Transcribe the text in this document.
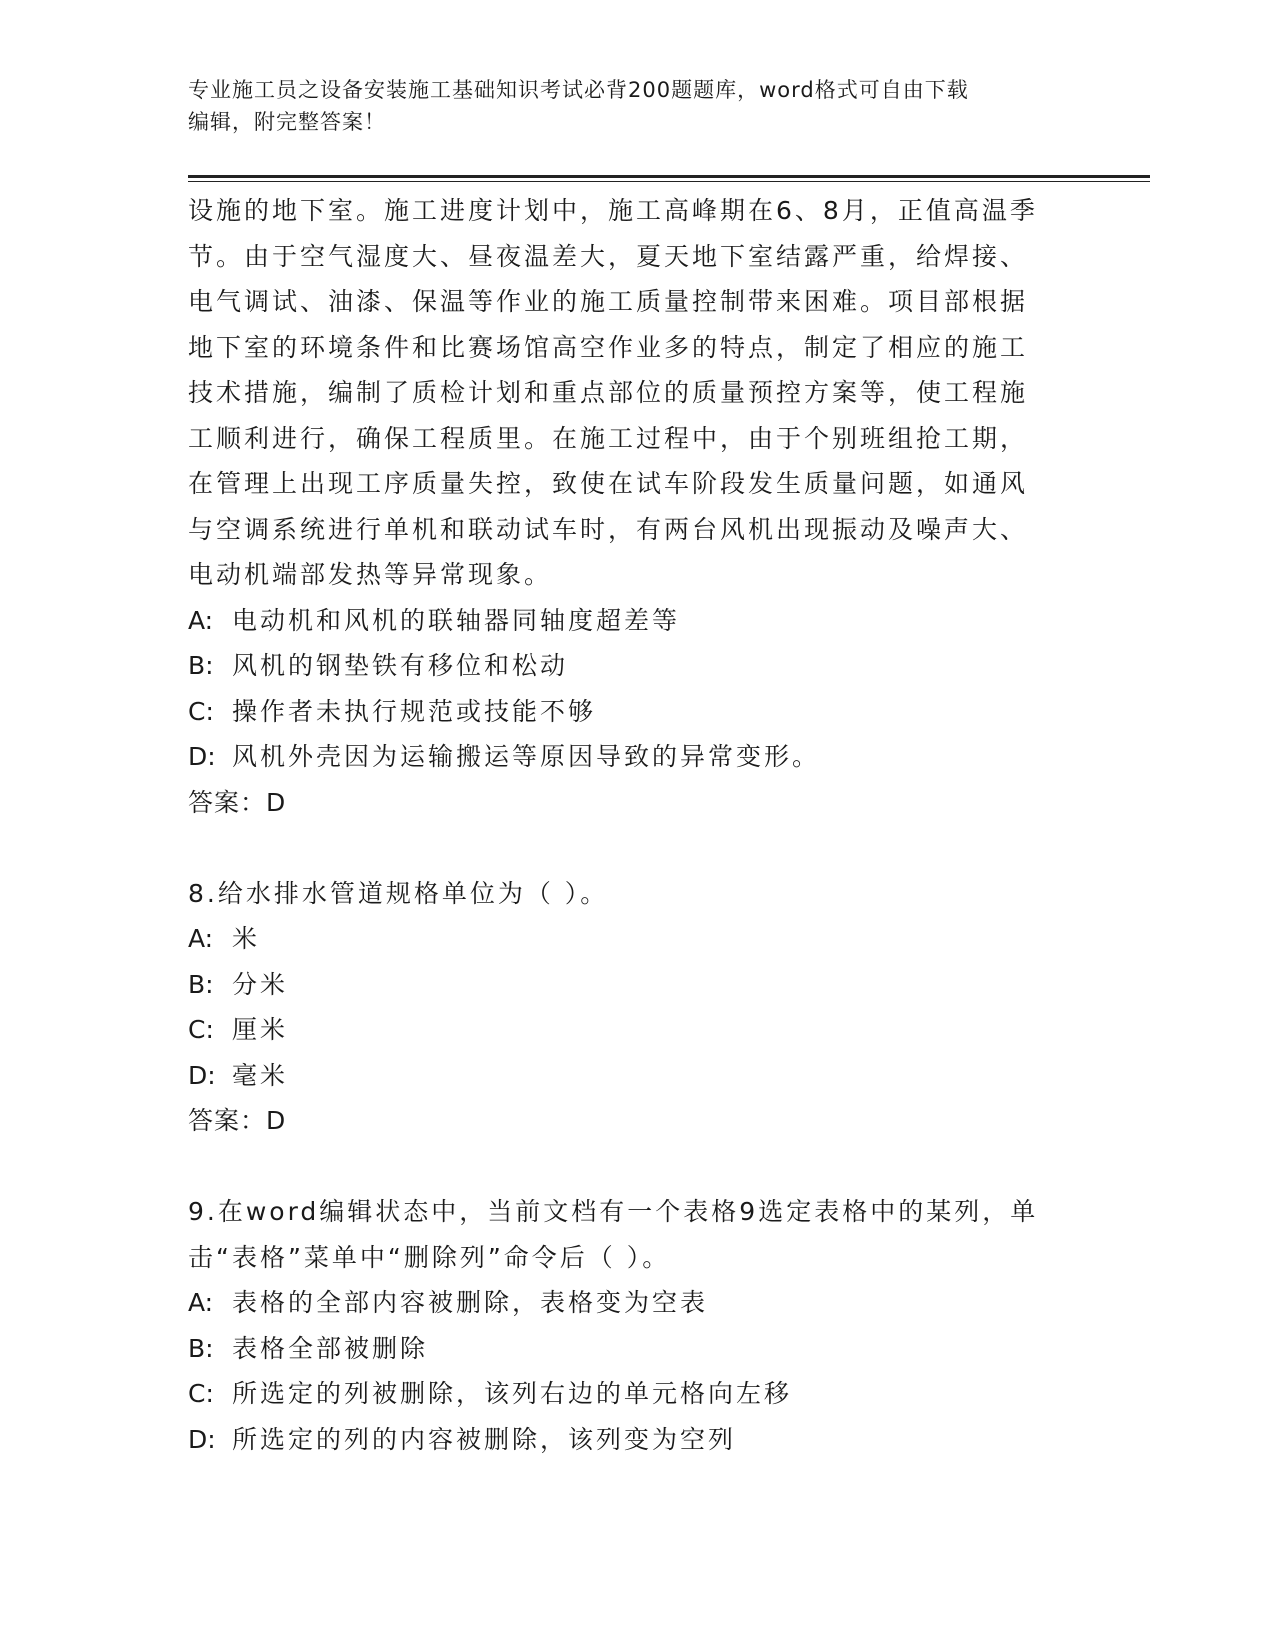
专业施工员之设备安装施工基础知识考试必背200题题库，word格式可自由下载
编辑，附完整答案！
设施的地下室。施工进度计划中，施工高峰期在6、8月，正值高温季
节。由于空气湿度大、昼夜温差大，夏天地下室结露严重，给焊接、
电气调试、油漆、保温等作业的施工质量控制带来困难。项目部根据
地下室的环境条件和比赛场馆高空作业多的特点，制定了相应的施工
技术措施，编制了质检计划和重点部位的质量预控方案等，使工程施
工顺利进行，确保工程质里。在施工过程中，由于个别班组抢工期，
在管理上出现工序质量失控，致使在试车阶段发生质量问题，如通风
与空调系统进行单机和联动试车时，有两台风机出现振动及噪声大、
电动机端部发热等异常现象。
A: 电动机和风机的联轴器同轴度超差等
B: 风机的钢垫铁有移位和松动
C: 操作者未执行规范或技能不够
D: 风机外壳因为运输搬运等原因导致的异常变形。
答案：D
8.给水排水管道规格单位为（ ）。
A: 米
B: 分米
C: 厘米
D: 毫米
答案：D
9.在word编辑状态中，当前文档有一个表格9选定表格中的某列，单
击“表格”菜单中“删除列”命令后（ ）。
A: 表格的全部内容被删除，表格变为空表
B: 表格全部被删除
C: 所选定的列被删除，该列右边的单元格向左移
D: 所选定的列的内容被删除，该列变为空列
